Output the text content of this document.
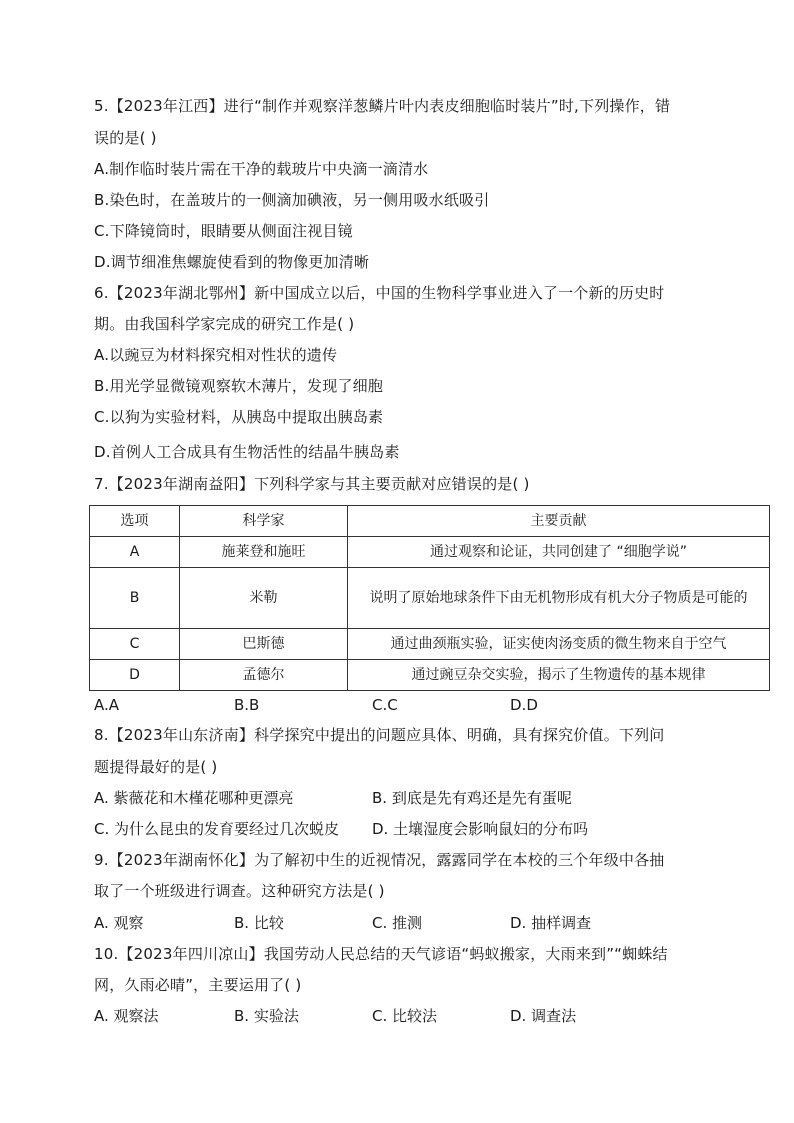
5.【2023年江西】进行“制作并观察洋葱鳞片叶内表皮细胞临时装片”时,下列操作，错
误的是( )
A.制作临时装片需在干净的载玻片中央滴一滴清水
B.染色时，在盖玻片的一侧滴加碘液，另一侧用吸水纸吸引
C.下降镜筒时，眼睛要从侧面注视目镜
D.调节细准焦螺旋使看到的物像更加清晰
6.【2023年湖北鄂州】新中国成立以后，中国的生物科学事业进入了一个新的历史时
期。由我国科学家完成的研究工作是( )
A.以豌豆为材料探究相对性状的遗传
B.用光学显微镜观察软木薄片，发现了细胞
C.以狗为实验材料，从胰岛中提取出胰岛素
D.首例人工合成具有生物活性的结晶牛胰岛素
7.【2023年湖南益阳】下列科学家与其主要贡献对应错误的是( )
选项	科学家	主要贡献
A	施莱登和施旺	通过观察和论证，共同创建了 “细胞学说”
B	米勒	说明了原始地球条件下由无机物形成有机大分子物质是可能的
C	巴斯德	通过曲颈瓶实验，证实使肉汤变质的微生物来自于空气
D	孟德尔	通过豌豆杂交实验，揭示了生物遗传的基本规律
A.A	B.B	C.C	D.D
8.【2023年山东济南】科学探究中提出的问题应具体、明确，具有探究价值。下列问
题提得最好的是( )
A. 紫薇花和木槿花哪种更漂亮	B. 到底是先有鸡还是先有蛋呢
C. 为什么昆虫的发育要经过几次蜕皮 D. 土壤湿度会影响鼠妇的分布吗
9.【2023年湖南怀化】为了解初中生的近视情况，露露同学在本校的三个年级中各抽
取了一个班级进行调查。这种研究方法是( )
A. 观察	B. 比较	C. 推测	D. 抽样调查
10.【2023年四川凉山】我国劳动人民总结的天气谚语“蚂蚁搬家，大雨来到”“蜘蛛结
网，久雨必晴”，主要运用了( )
A. 观察法	B. 实验法	C. 比较法	D. 调查法
